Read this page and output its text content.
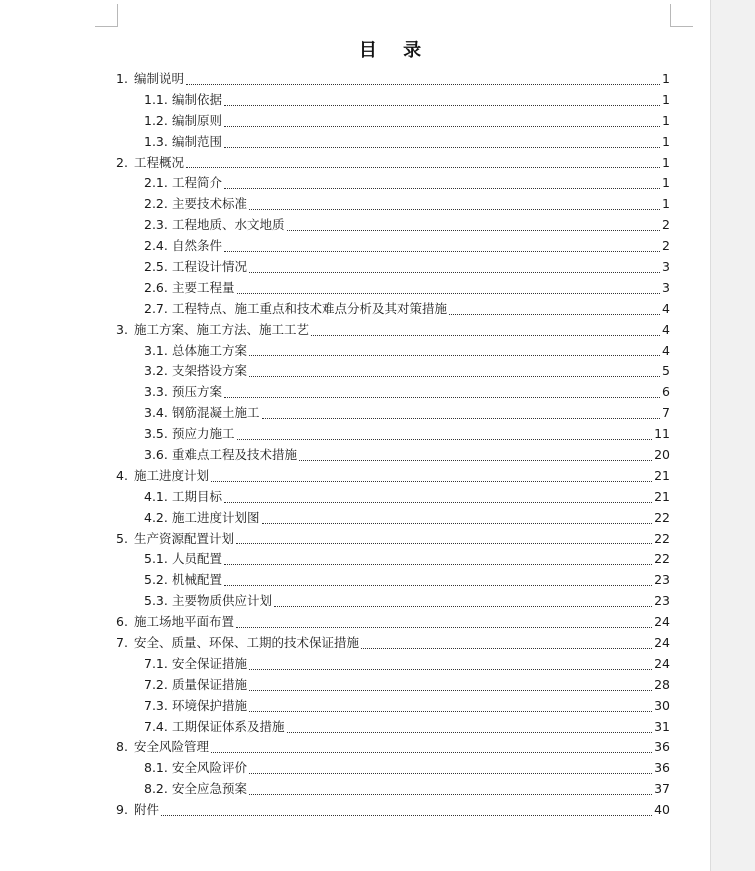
目 录
1. 编制说明	1
1.1. 编制依据	1
1.2. 编制原则	1
1.3. 编制范围	1
2. 工程概况	1
2.1. 工程简介	1
2.2. 主要技术标准	1
2.3. 工程地质、水文地质	2
2.4. 自然条件	2
2.5. 工程设计情况	3
2.6. 主要工程量	3
2.7. 工程特点、施工重点和技术难点分析及其对策措施	4
3. 施工方案、施工方法、施工工艺	4
3.1. 总体施工方案	4
3.2. 支架搭设方案	5
3.3. 预压方案	6
3.4. 钢筋混凝土施工	7
3.5. 预应力施工	11
3.6. 重难点工程及技术措施	20
4. 施工进度计划	21
4.1. 工期目标	21
4.2. 施工进度计划图	22
5. 生产资源配置计划	22
5.1. 人员配置	22
5.2. 机械配置	23
5.3. 主要物质供应计划	23
6. 施工场地平面布置	24
7. 安全、质量、环保、工期的技术保证措施	24
7.1. 安全保证措施	24
7.2. 质量保证措施	28
7.3. 环境保护措施	30
7.4. 工期保证体系及措施	31
8. 安全风险管理	36
8.1. 安全风险评价	36
8.2. 安全应急预案	37
9. 附件	40
